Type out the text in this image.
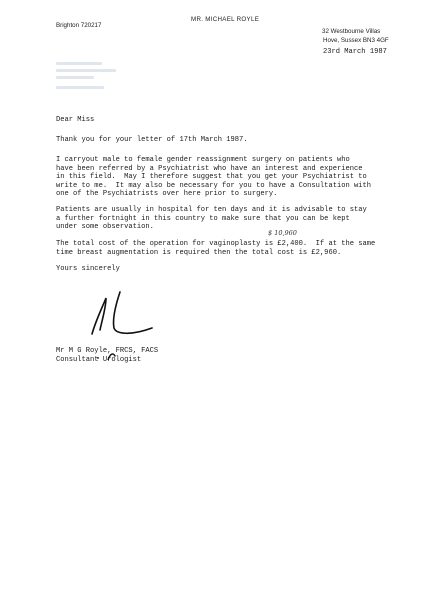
Brighton 720217
MR. MICHAEL ROYLE
32 Westbourne Villas
Hove, Sussex BN3 4GF
23rd March 1987
Dear Miss
Thank you for your letter of 17th March 1987.
I carryout male to female gender reassignment surgery on patients who
have been referred by a Psychiatrist who have an interest and experience
in this field.  May I therefore suggest that you get your Psychiatrist to
write to me.  It may also be necessary for you to have a Consultation with
one of the Psychiatrists over here prior to surgery.
Patients are usually in hospital for ten days and it is advisable to stay
a further fortnight in this country to make sure that you can be kept
under some observation.
$ 10,960
The total cost of the operation for vaginoplasty is £2,400.  If at the same
time breast augmentation is required then the total cost is £2,960.
Yours sincerely
Mr M G Royle, FRCS, FACS
Consultant Urologist
